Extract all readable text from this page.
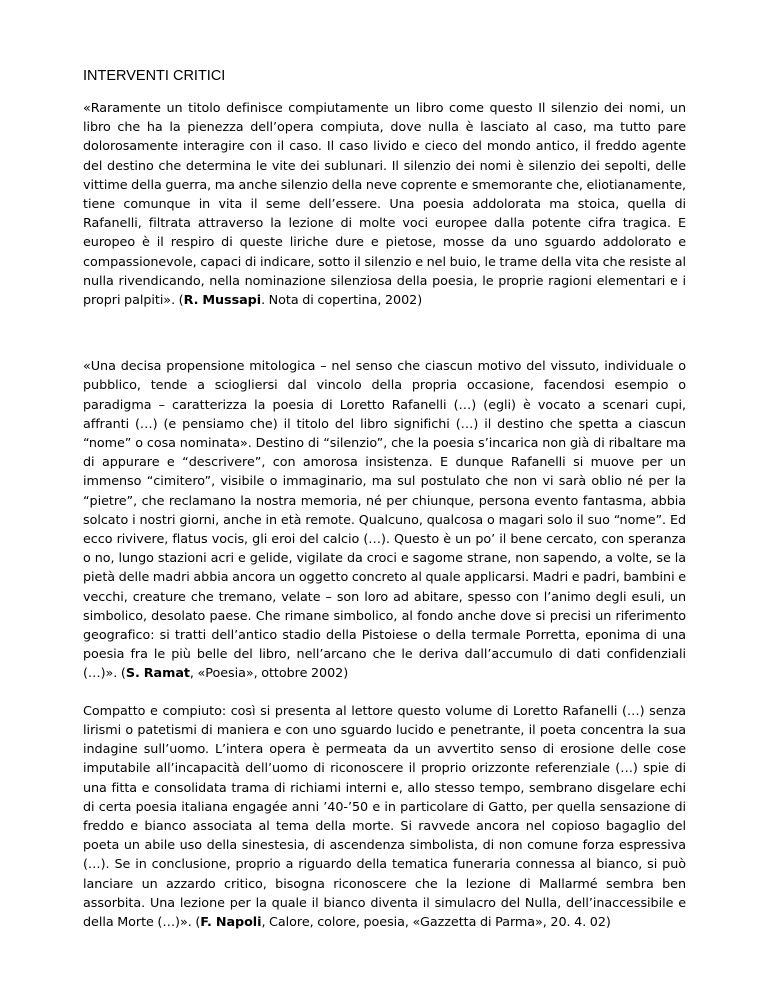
INTERVENTI CRITICI

«Raramente un titolo definisce compiutamente un libro come questo Il silenzio dei nomi, un libro che ha la pienezza dell’opera compiuta, dove nulla è lasciato al caso, ma tutto pare dolorosamente interagire con il caso. Il caso livido e cieco del mondo antico, il freddo agente del destino che determina le vite dei sublunari. Il silenzio dei nomi è silenzio dei sepolti, delle vittime della guerra, ma anche silenzio della neve coprente e smemorante che, eliotianamente, tiene comunque in vita il seme dell’essere. Una poesia addolorata ma stoica, quella di Rafanelli, filtrata attraverso la lezione di molte voci europee dalla potente cifra tragica. E europeo è il respiro di queste liriche dure e pietose, mosse da uno sguardo addolorato e compassionevole, capaci di indicare, sotto il silenzio e nel buio, le trame della vita che resiste al nulla rivendicando, nella nominazione silenziosa della poesia, le proprie ragioni elementari e i propri palpiti». (R. Mussapi. Nota di copertina, 2002)

«Una decisa propensione mitologica – nel senso che ciascun motivo del vissuto, individuale o pubblico, tende a sciogliersi dal vincolo della propria occasione, facendosi esempio o paradigma – caratterizza la poesia di Loretto Rafanelli (…) (egli) è vocato a scenari cupi, affranti (…) (e pensiamo che) il titolo del libro significhi (…) il destino che spetta a ciascun “nome” o cosa nominata». Destino di “silenzio”, che la poesia s’incarica non già di ribaltare ma di appurare e “descrivere”, con amorosa insistenza. E dunque Rafanelli si muove per un immenso “cimitero”, visibile o immaginario, ma sul postulato che non vi sarà oblio né per la “pietre”, che reclamano la nostra memoria, né per chiunque, persona evento fantasma, abbia solcato i nostri giorni, anche in età remote. Qualcuno, qualcosa o magari solo il suo “nome”. Ed ecco rivivere, flatus vocis, gli eroi del calcio (…). Questo è un po’ il bene cercato, con speranza o no, lungo stazioni acri e gelide, vigilate da croci e sagome strane, non sapendo, a volte, se la pietà delle madri abbia ancora un oggetto concreto al quale applicarsi. Madri e padri, bambini e vecchi, creature che tremano, velate – son loro ad abitare, spesso con l’animo degli esuli, un simbolico, desolato paese. Che rimane simbolico, al fondo anche dove si precisi un riferimento geografico: si tratti dell’antico stadio della Pistoiese o della termale Porretta, eponima di una poesia fra le più belle del libro, nell’arcano che le deriva dall’accumulo di dati confidenziali (…)». (S. Ramat, «Poesia», ottobre 2002)

Compatto e compiuto: così si presenta al lettore questo volume di Loretto Rafanelli (…) senza lirismi o patetismi di maniera e con uno sguardo lucido e penetrante, il poeta concentra la sua indagine sull’uomo. L’intera opera è permeata da un avvertito senso di erosione delle cose imputabile all’incapacità dell’uomo di riconoscere il proprio orizzonte referenziale (…) spie di una fitta e consolidata trama di richiami interni e, allo stesso tempo, sembrano disgelare echi di certa poesia italiana engagée anni ’40-’50 e in particolare di Gatto, per quella sensazione di freddo e bianco associata al tema della morte. Si ravvede ancora nel copioso bagaglio del poeta un abile uso della sinestesia, di ascendenza simbolista, di non comune forza espressiva (…). Se in conclusione, proprio a riguardo della tematica funeraria connessa al bianco, si può lanciare un azzardo critico, bisogna riconoscere che la lezione di Mallarmé sembra ben assorbita. Una lezione per la quale il bianco diventa il simulacro del Nulla, dell’inaccessibile e della Morte (…)». (F. Napoli, Calore, colore, poesia, «Gazzetta di Parma», 20. 4. 02)
